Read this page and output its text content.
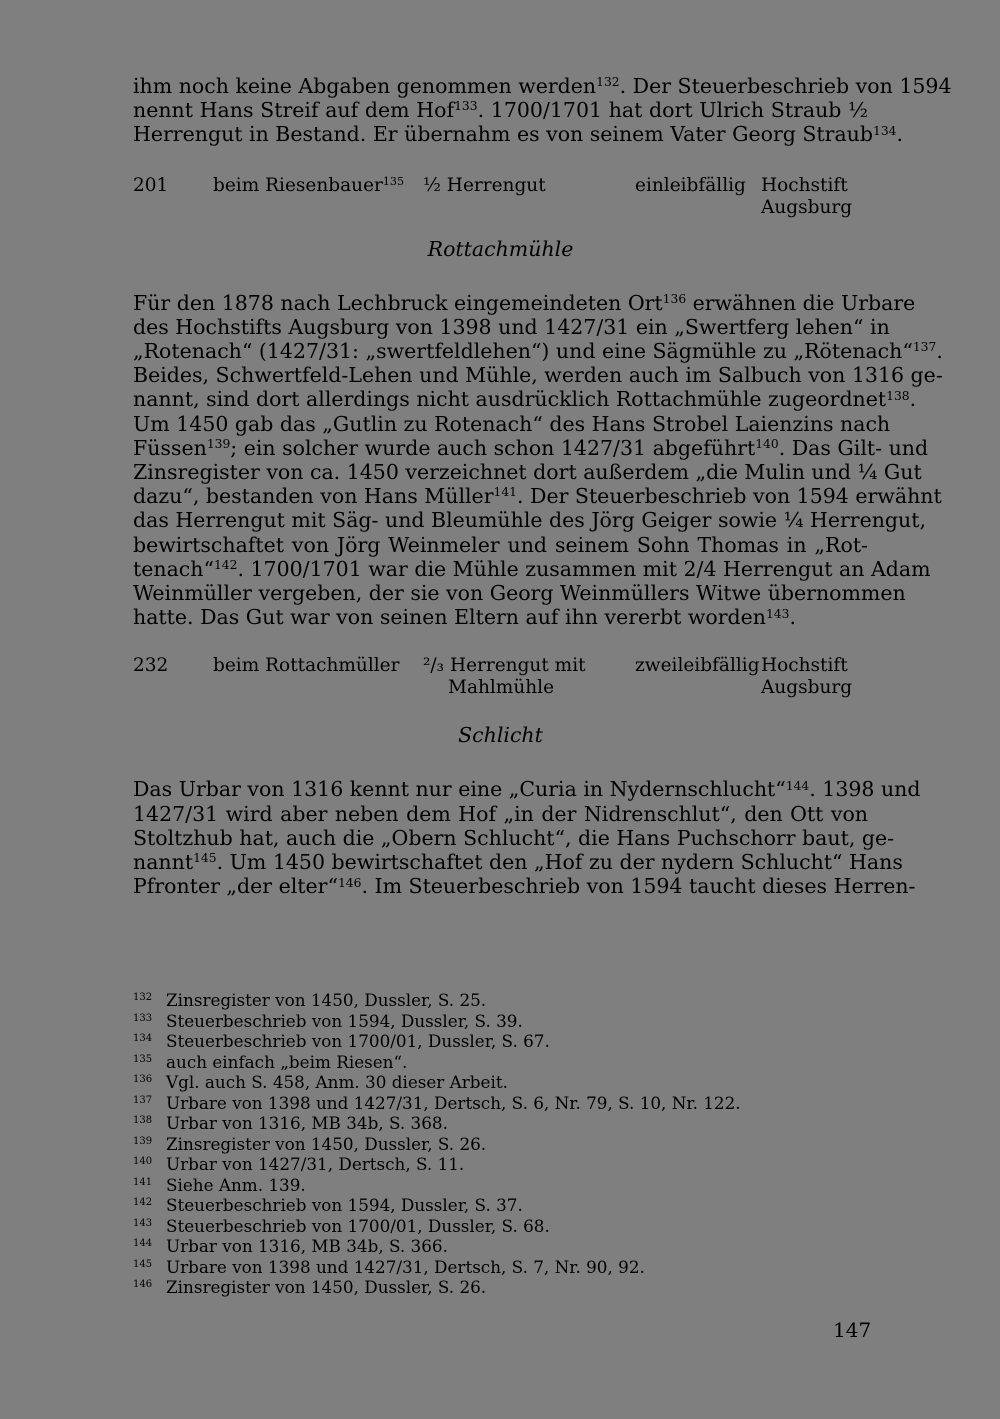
ihm noch keine Abgaben genommen werden$^{132}$. Der Steuerbeschrieb von 1594
nennt Hans Streif auf dem Hof$^{133}$. 1700/1701 hat dort Ulrich Straub ½
Herrengut in Bestand. Er übernahm es von seinem Vater Georg Straub$^{134}$.

201 beim Riesenbauer$^{135}$ ½ Herrengut	einleibfällig Hochstift
Augsburg

Rottachmühle

Für den 1878 nach Lechbruck eingemeindeten Ort$^{136}$ erwähnen die Urbare
des Hochstifts Augsburg von 1398 und 1427/31 ein „Swertferg lehen“ in
„Rotenach“ (1427/31: „swertfeldlehen“) und eine Sägmühle zu „Rötenach“$^{137}$.
Beides, Schwertfeld-Lehen und Mühle, werden auch im Salbuch von 1316 ge-
nannt, sind dort allerdings nicht ausdrücklich Rottachmühle zugeordnet$^{138}$.
Um 1450 gab das „Gutlin zu Rotenach“ des Hans Strobel Laienzins nach
Füssen$^{139}$; ein solcher wurde auch schon 1427/31 abgeführt$^{140}$. Das Gilt- und
Zinsregister von ca. 1450 verzeichnet dort außerdem „die Mulin und ¼ Gut
dazu“, bestanden von Hans Müller$^{141}$. Der Steuerbeschrieb von 1594 erwähnt
das Herrengut mit Säg- und Bleumühle des Jörg Geiger sowie ¼ Herrengut,
bewirtschaftet von Jörg Weinmeler und seinem Sohn Thomas in „Rot-
tenach“$^{142}$. 1700/1701 war die Mühle zusammen mit 2/4 Herrengut an Adam
Weinmüller vergeben, der sie von Georg Weinmüllers Witwe übernommen
hatte. Das Gut war von seinen Eltern auf ihn vererbt worden$^{143}$.

232 beim Rottachmüller ²/₃ Herrengut mit
Mahlmühle
zweileibfällig Hochstift
Augsburg

Schlicht

Das Urbar von 1316 kennt nur eine „Curia in Nydernschlucht“$^{144}$. 1398 und
1427/31 wird aber neben dem Hof „in der Nidrenschlut“, den Ott von
Stoltzhub hat, auch die „Obern Schlucht“, die Hans Puchschorr baut, ge-
nannt$^{145}$. Um 1450 bewirtschaftet den „Hof zu der nydern Schlucht“ Hans
Pfronter „der elter“$^{146}$. Im Steuerbeschrieb von 1594 taucht dieses Herren-

132 Zinsregister von 1450, Dussler, S. 25.
133 Steuerbeschrieb von 1594, Dussler, S. 39.
134 Steuerbeschrieb von 1700/01, Dussler, S. 67.
135 auch einfach „beim Riesen“.
136 Vgl. auch S. 458, Anm. 30 dieser Arbeit.
137 Urbare von 1398 und 1427/31, Dertsch, S. 6, Nr. 79, S. 10, Nr. 122.
138 Urbar von 1316, MB 34b, S. 368.
139 Zinsregister von 1450, Dussler, S. 26.
140 Urbar von 1427/31, Dertsch, S. 11.
141 Siehe Anm. 139.
142 Steuerbeschrieb von 1594, Dussler, S. 37.
143 Steuerbeschrieb von 1700/01, Dussler, S. 68.
144 Urbar von 1316, MB 34b, S. 366.
145 Urbare von 1398 und 1427/31, Dertsch, S. 7, Nr. 90, 92.
146 Zinsregister von 1450, Dussler, S. 26.
147
